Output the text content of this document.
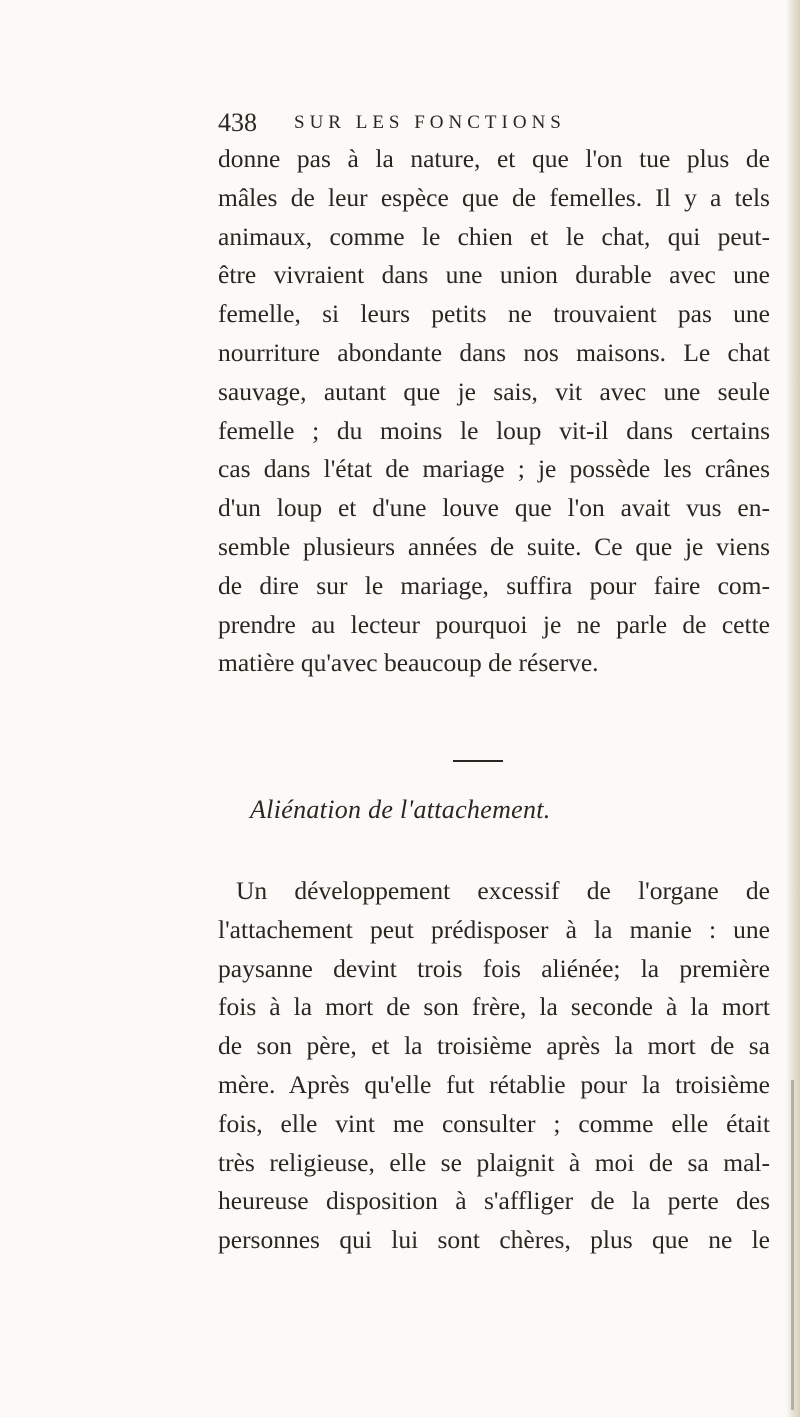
438 SUR LES FONCTIONS
donne pas à la nature, et que l'on tue plus de
mâles de leur espèce que de femelles. Il y a tels
animaux, comme le chien et le chat, qui peut-
être vivraient dans une union durable avec une
femelle, si leurs petits ne trouvaient pas une
nourriture abondante dans nos maisons. Le chat
sauvage, autant que je sais, vit avec une seule
femelle ; du moins le loup vit-il dans certains
cas dans l'état de mariage ; je possède les crânes
d'un loup et d'une louve que l'on avait vus en-
semble plusieurs années de suite. Ce que je viens
de dire sur le mariage, suffira pour faire com-
prendre au lecteur pourquoi je ne parle de cette
matière qu'avec beaucoup de réserve.
Aliénation de l'attachement.
Un développement excessif de l'organe de
l'attachement peut prédisposer à la manie : une
paysanne devint trois fois aliénée; la première
fois à la mort de son frère, la seconde à la mort
de son père, et la troisième après la mort de sa
mère. Après qu'elle fut rétablie pour la troisième
fois, elle vint me consulter ; comme elle était
très religieuse, elle se plaignit à moi de sa mal-
heureuse disposition à s'affliger de la perte des
personnes qui lui sont chères, plus que ne le
